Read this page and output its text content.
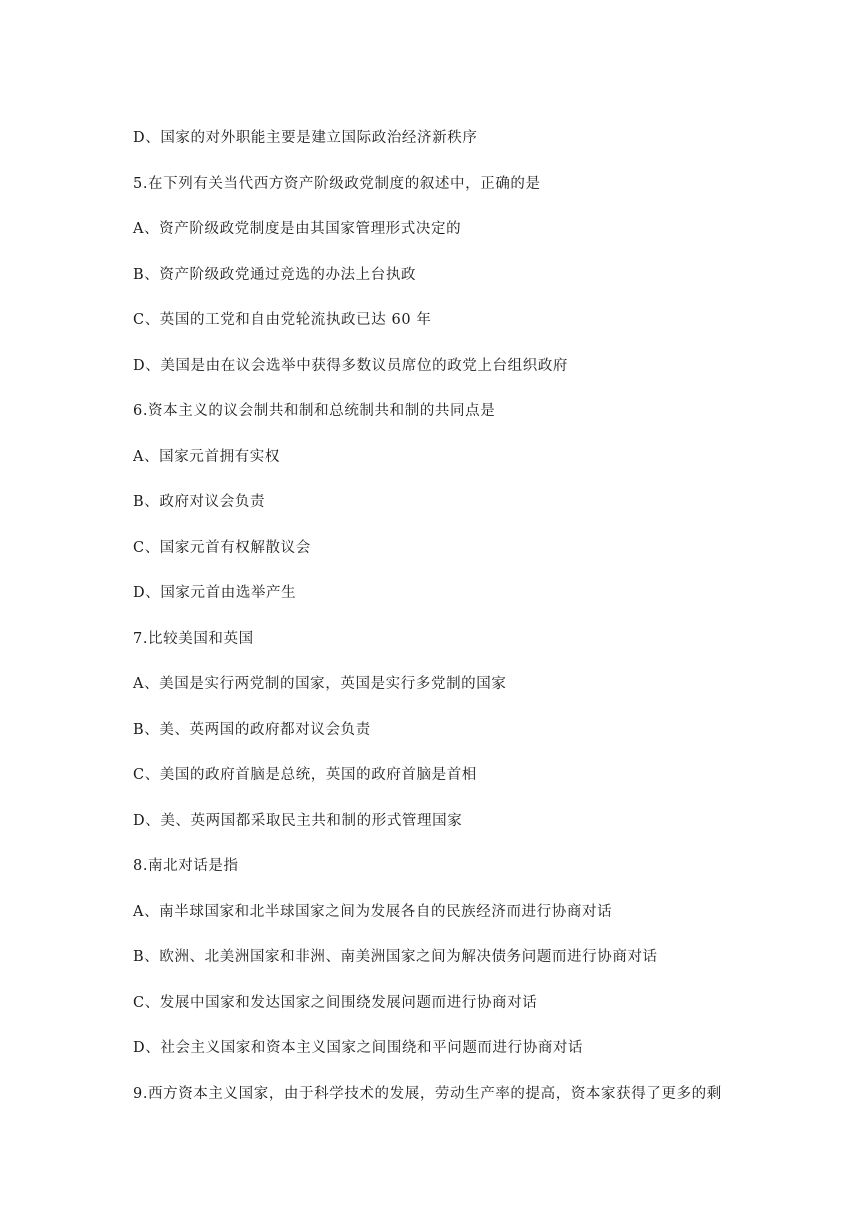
D、国家的对外职能主要是建立国际政治经济新秩序
5.在下列有关当代西方资产阶级政党制度的叙述中，正确的是
A、资产阶级政党制度是由其国家管理形式决定的
B、资产阶级政党通过竞选的办法上台执政
C、英国的工党和自由党轮流执政已达 60 年
D、美国是由在议会选举中获得多数议员席位的政党上台组织政府
6.资本主义的议会制共和制和总统制共和制的共同点是
A、国家元首拥有实权
B、政府对议会负责
C、国家元首有权解散议会
D、国家元首由选举产生
7.比较美国和英国
A、美国是实行两党制的国家，英国是实行多党制的国家
B、美、英两国的政府都对议会负责
C、美国的政府首脑是总统，英国的政府首脑是首相
D、美、英两国都采取民主共和制的形式管理国家
8.南北对话是指
A、南半球国家和北半球国家之间为发展各自的民族经济而进行协商对话
B、欧洲、北美洲国家和非洲、南美洲国家之间为解决债务问题而进行协商对话
C、发展中国家和发达国家之间围绕发展问题而进行协商对话
D、社会主义国家和资本主义国家之间围绕和平问题而进行协商对话
9.西方资本主义国家，由于科学技术的发展，劳动生产率的提高，资本家获得了更多的剩
